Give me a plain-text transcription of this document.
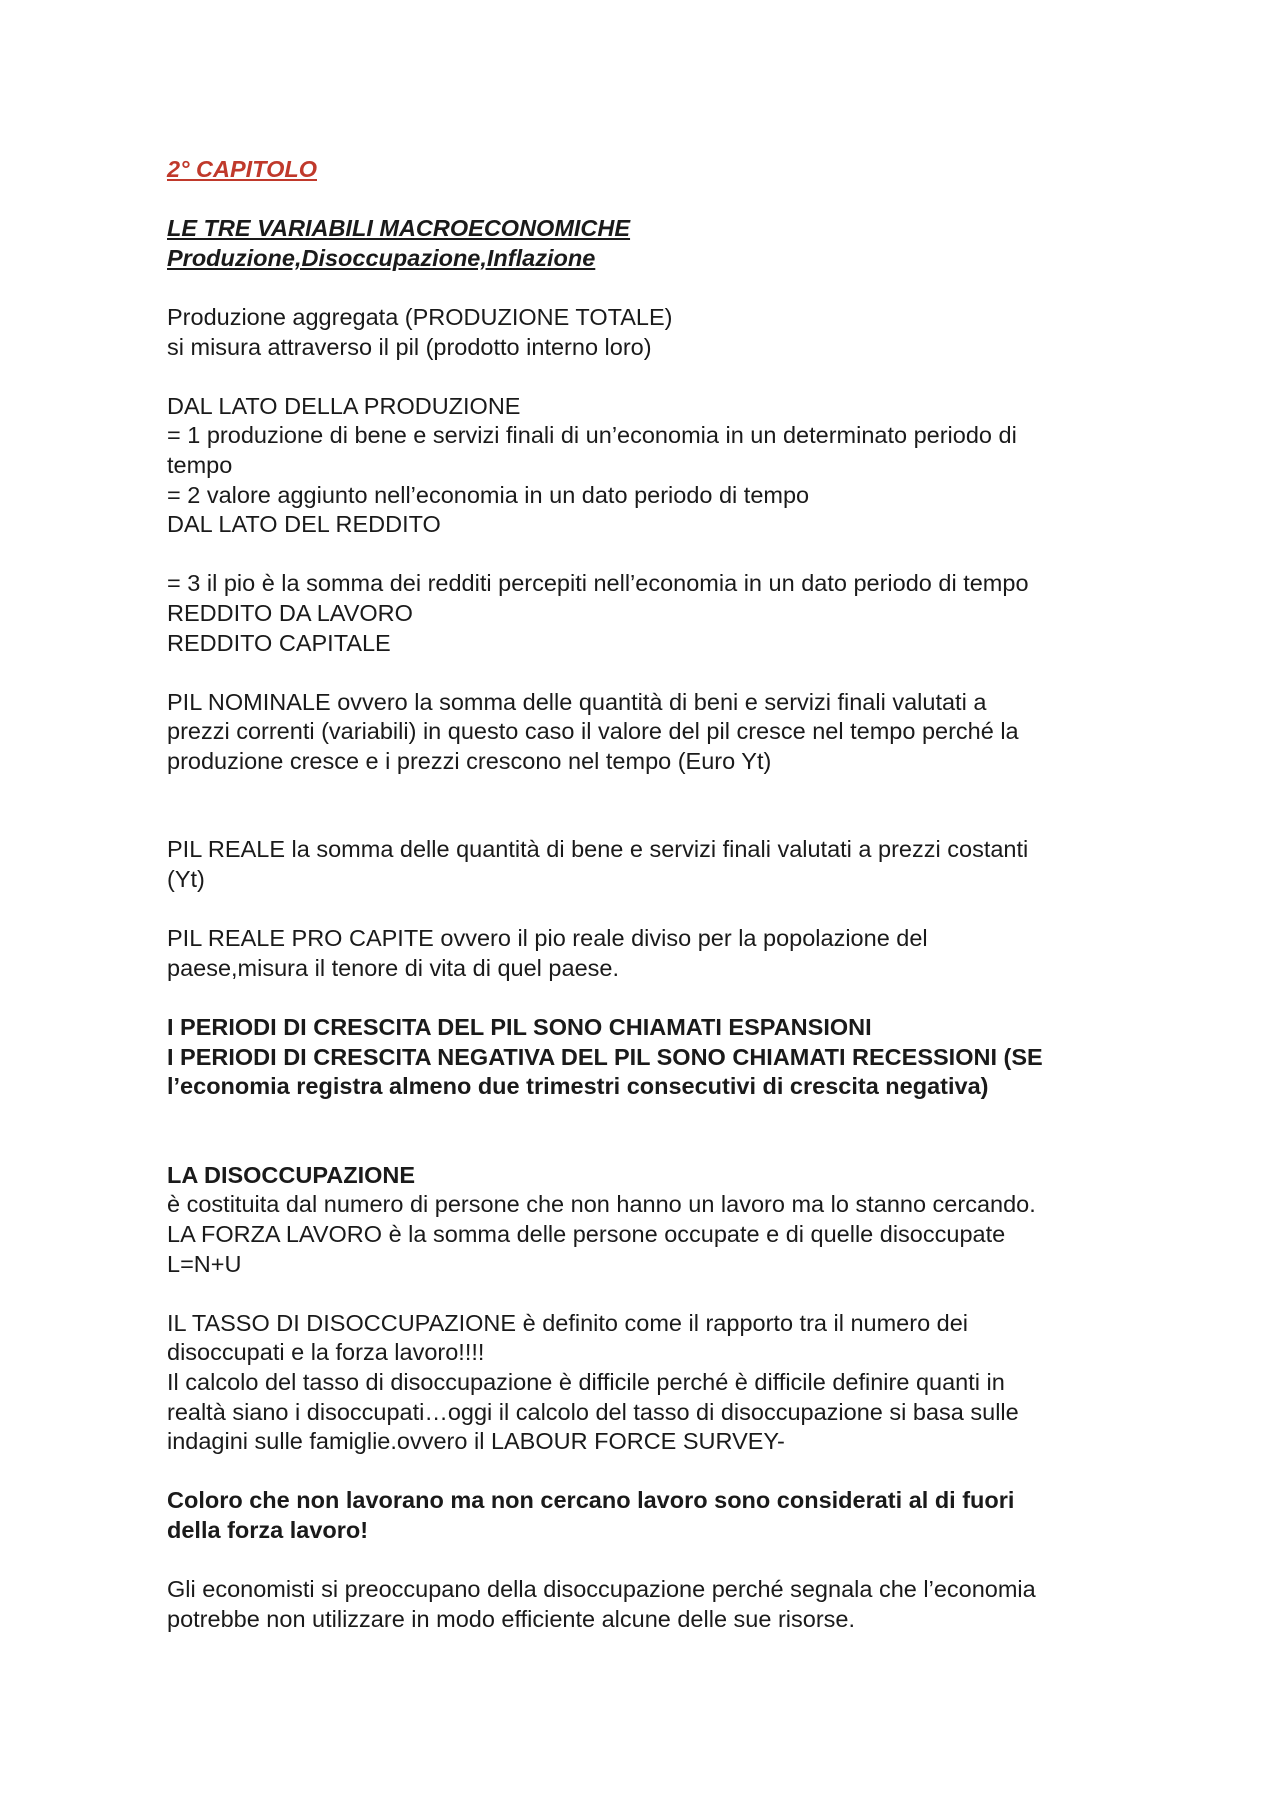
2° CAPITOLO

LE TRE VARIABILI MACROECONOMICHE

Produzione,Disoccupazione,Inflazione

Produzione aggregata (PRODUZIONE TOTALE)

si misura attraverso il pil (prodotto interno loro)

DAL LATO DELLA PRODUZIONE

= 1 produzione di bene e servizi finali di un’economia in un determinato periodo di

tempo

= 2 valore aggiunto nell’economia in un dato periodo di tempo

DAL LATO DEL REDDITO

= 3 il pio è la somma dei redditi percepiti nell’economia in un dato periodo di tempo

REDDITO DA LAVORO

REDDITO CAPITALE

PIL NOMINALE ovvero la somma delle quantità di beni e servizi finali valutati a

prezzi correnti (variabili) in questo caso il valore del pil cresce nel tempo perché la

produzione cresce e i prezzi crescono nel tempo (Euro Yt)

PIL REALE la somma delle quantità di bene e servizi finali valutati a prezzi costanti

(Yt)

PIL REALE PRO CAPITE ovvero il pio reale diviso per la popolazione del

paese,misura il tenore di vita di quel paese.

I PERIODI DI CRESCITA DEL PIL SONO CHIAMATI ESPANSIONI

I PERIODI DI CRESCITA NEGATIVA DEL PIL SONO CHIAMATI RECESSIONI (SE

l’economia registra almeno due trimestri consecutivi di crescita negativa)

LA DISOCCUPAZIONE

è costituita dal numero di persone che non hanno un lavoro ma lo stanno cercando.

LA FORZA LAVORO è la somma delle persone occupate e di quelle disoccupate

L=N+U

IL TASSO DI DISOCCUPAZIONE è definito come il rapporto tra il numero dei

disoccupati e la forza lavoro!!!!

Il calcolo del tasso di disoccupazione è difficile perché è difficile definire quanti in

realtà siano i disoccupati…oggi il calcolo del tasso di disoccupazione si basa sulle

indagini sulle famiglie.ovvero il LABOUR FORCE SURVEY-

Coloro che non lavorano ma non cercano lavoro sono considerati al di fuori

della forza lavoro!

Gli economisti si preoccupano della disoccupazione perché segnala che l’economia

potrebbe non utilizzare in modo efficiente alcune delle sue risorse.
